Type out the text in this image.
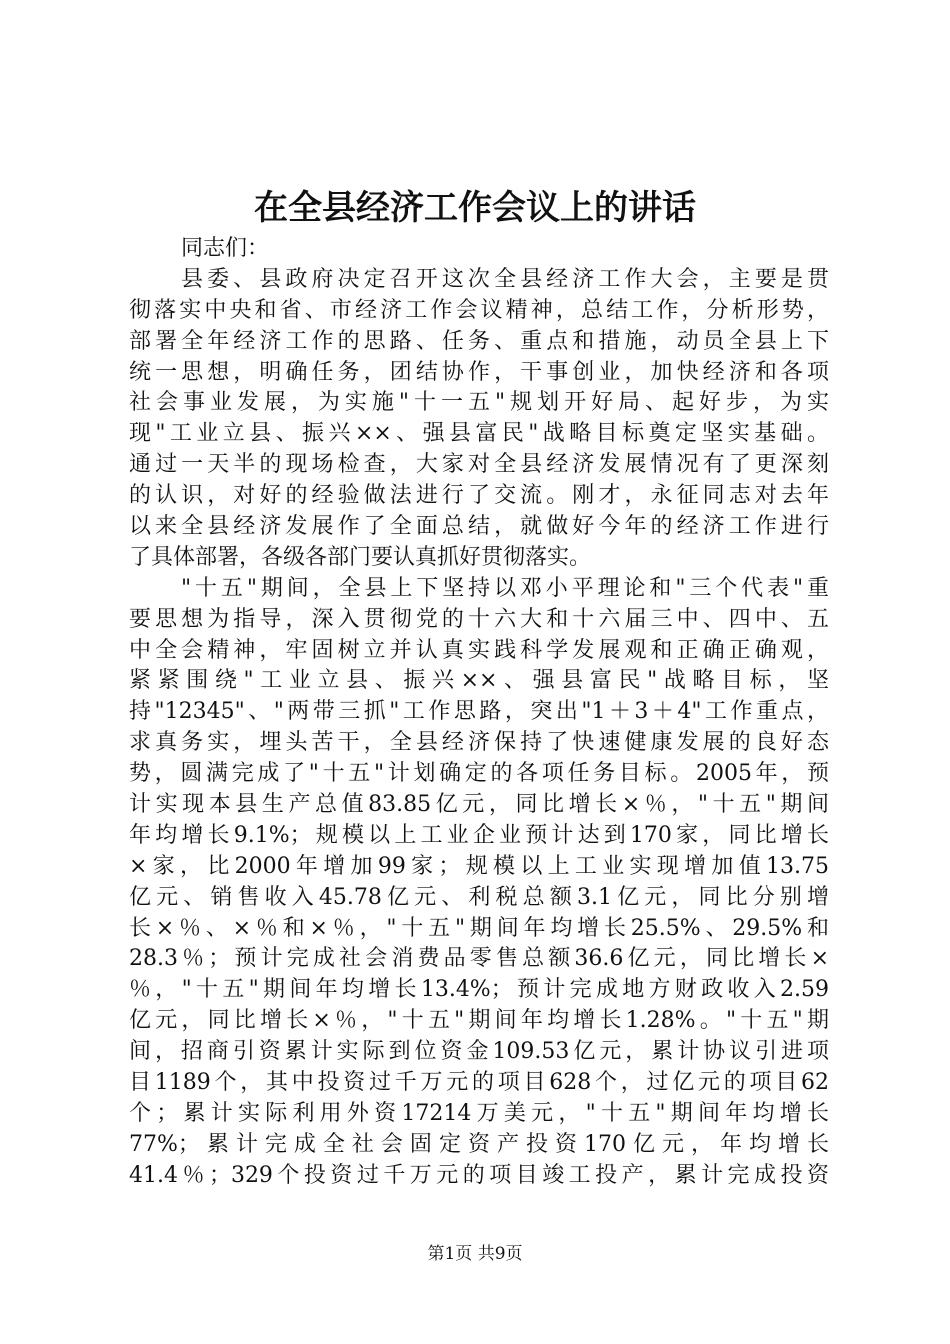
在全县经济工作会议上的讲话
同志们：
县委、县政府决定召开这次全县经济工作大会，主要是贯
彻落实中央和省、市经济工作会议精神，总结工作，分析形势，
部署全年经济工作的思路、任务、重点和措施，动员全县上下
统一思想，明确任务，团结协作，干事创业，加快经济和各项
社会事业发展，为实施"十一五"规划开好局、起好步，为实
现"工业立县、振兴××、强县富民"战略目标奠定坚实基础。
通过一天半的现场检查，大家对全县经济发展情况有了更深刻
的认识，对好的经验做法进行了交流。刚才，永征同志对去年
以来全县经济发展作了全面总结，就做好今年的经济工作进行
了具体部署，各级各部门要认真抓好贯彻落实。
"十五"期间，全县上下坚持以邓小平理论和"三个代表"重
要思想为指导，深入贯彻党的十六大和十六届三中、四中、五
中全会精神，牢固树立并认真实践科学发展观和正确正确观，
紧紧围绕"工业立县、振兴××、强县富民"战略目标，坚
持"12345"、"两带三抓"工作思路，突出"1＋3＋4"工作重点，
求真务实，埋头苦干，全县经济保持了快速健康发展的良好态
势，圆满完成了"十五"计划确定的各项任务目标。2005年，预
计实现本县生产总值83.85亿元，同比增长×％，"十五"期间
年均增长9.1%；规模以上工业企业预计达到170家，同比增长
×家，比2000年增加99家；规模以上工业实现增加值13.75
亿元、销售收入45.78亿元、利税总额3.1亿元，同比分别增
长×％、×％和×％，"十五"期间年均增长25.5%、29.5%和
28.3％；预计完成社会消费品零售总额36.6亿元，同比增长×
％，"十五"期间年均增长13.4%；预计完成地方财政收入2.59
亿元，同比增长×％，"十五"期间年均增长1.28%。"十五"期
间，招商引资累计实际到位资金109.53亿元，累计协议引进项
目1189个，其中投资过千万元的项目628个，过亿元的项目62
个；累计实际利用外资17214万美元，"十五"期间年均增长
77%；累计完成全社会固定资产投资170亿元，年均增长
41.4％；329个投资过千万元的项目竣工投产，累计完成投资
第1页 共9页
